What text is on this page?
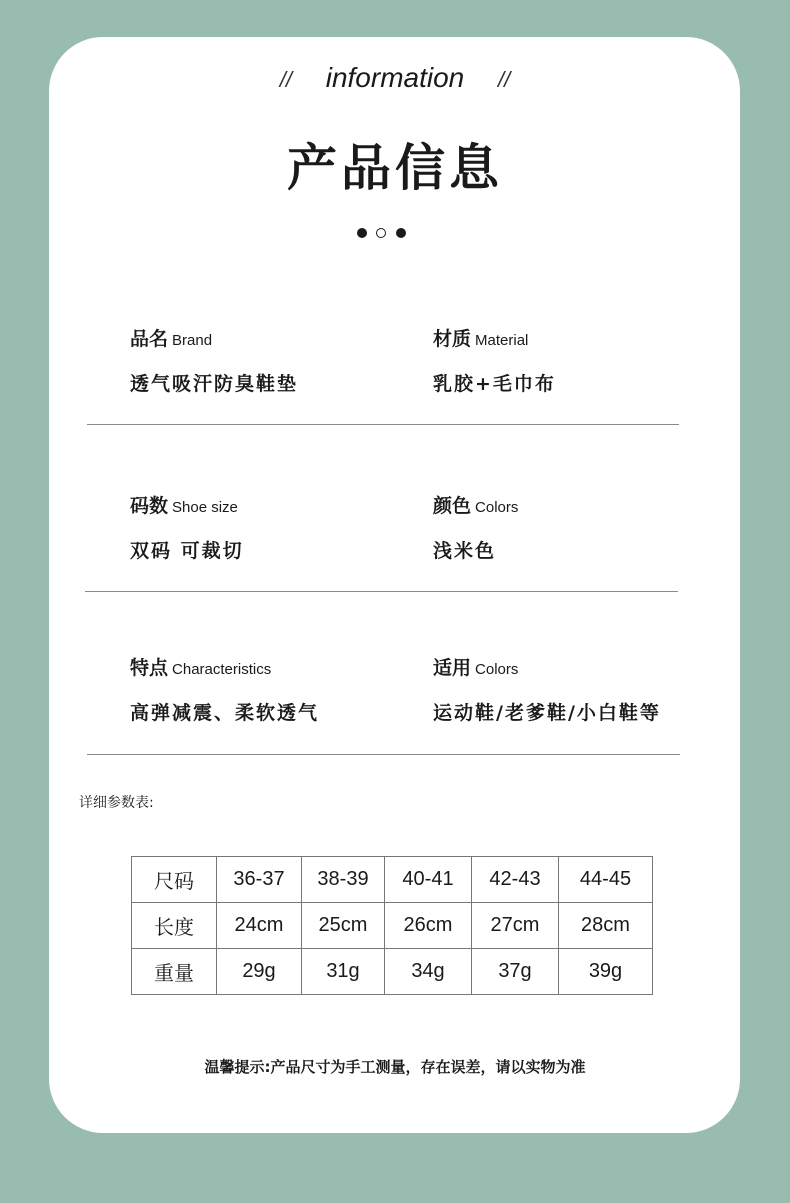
// information //
产品信息
品名 Brand
透气吸汗防臭鞋垫
材质 Material
乳胶+毛巾布
码数 Shoe size
双码 可裁切
颜色 Colors
浅米色
特点 Characteristics
高弹减震、柔软透气
适用 Colors
运动鞋/老爹鞋/小白鞋等
详细参数表:
尺码	36-37	38-39	40-41	42-43	44-45
长度	24cm	25cm	26cm	27cm	28cm
重量	29g	31g	34g	37g	39g
温馨提示:产品尺寸为手工测量，存在误差，请以实物为准
